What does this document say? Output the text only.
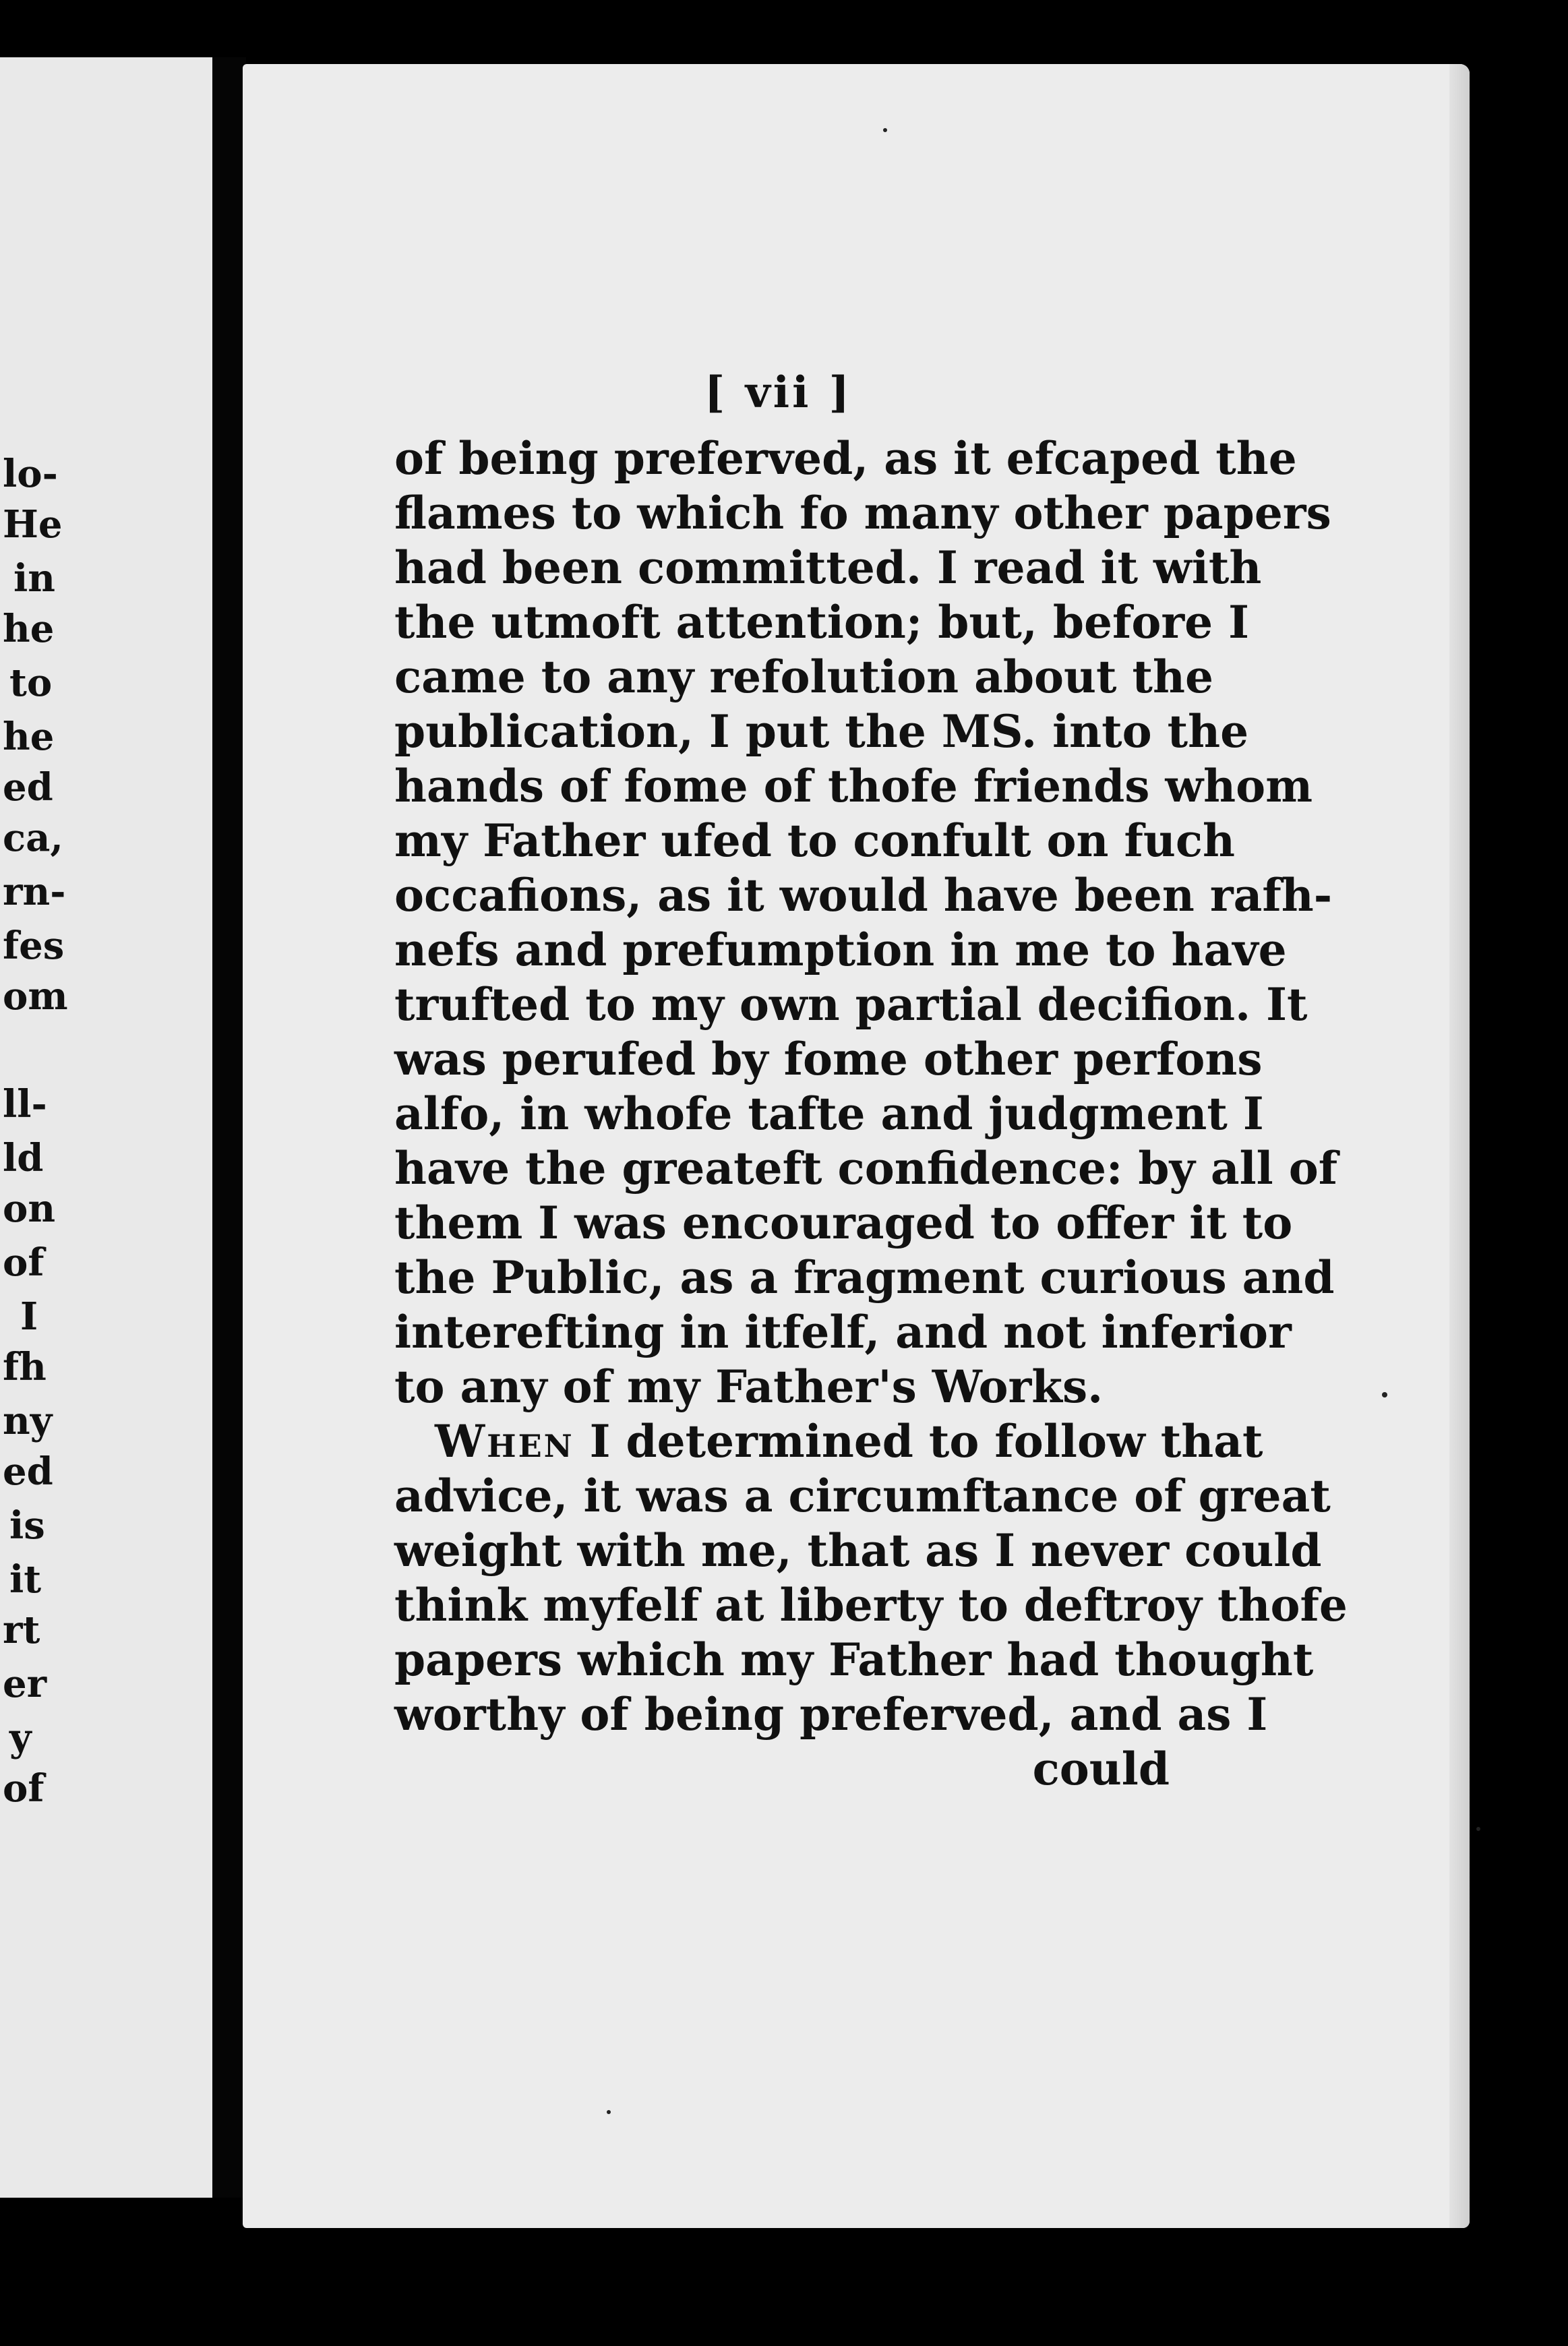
lo-
He
in
he
to
he
ed
ca,
rn-
fes
om
ll-
ld
on
of
I
fh
ny
ed
is
it
rt
er
y
of
[ vii ]
of being preferved, as it efcaped the
flames to which fo many other papers
had been committed. I read it with
the utmoft attention; but, before I
came to any refolution about the
publication, I put the MS. into the
hands of fome of thofe friends whom
my Father ufed to confult on fuch
occafions, as it would have been rafh-
nefs and prefumption in me to have
trufted to my own partial decifion. It
was perufed by fome other perfons
alfo, in whofe tafte and judgment I
have the greateft confidence: by all of
them I was encouraged to offer it to
the Public, as a fragment curious and
interefting in itfelf, and not inferior
to any of my Father's Works.
When I determined to follow that
advice, it was a circumftance of great
weight with me, that as I never could
think myfelf at liberty to deftroy thofe
papers which my Father had thought
worthy of being preferved, and as I
could
